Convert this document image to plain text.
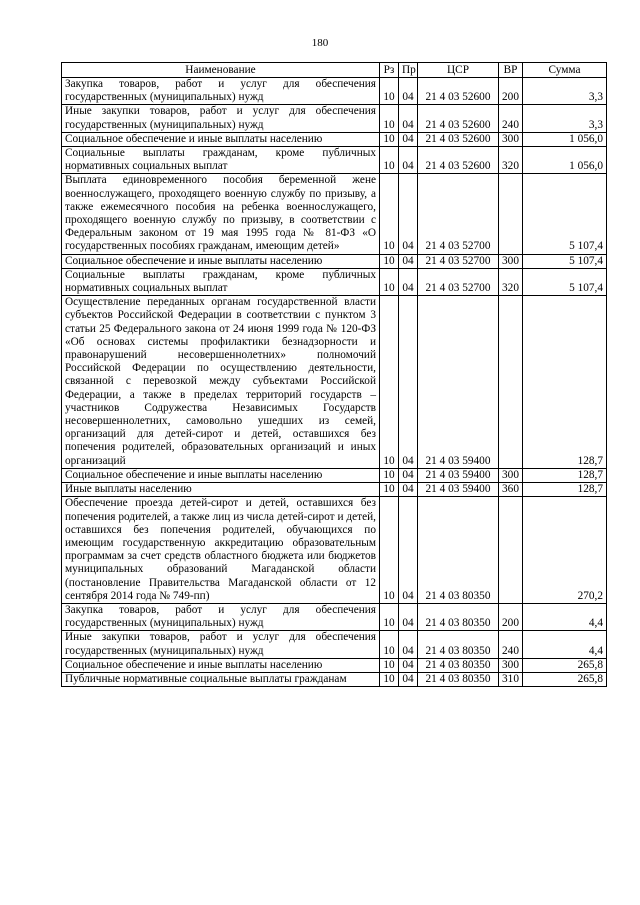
180
Наименование	Рз	Пр	ЦСР	ВР	Сумма
Закупка товаров, работ и услуг для обеспечения государственных (муниципальных) нужд	10	04	21 4 03 52600	200	3,3
Иные закупки товаров, работ и услуг для обеспечения государственных (муниципальных) нужд	10	04	21 4 03 52600	240	3,3
Социальное обеспечение и иные выплаты населению	10	04	21 4 03 52600	300	1 056,0
Социальные выплаты гражданам, кроме публичных нормативных социальных выплат	10	04	21 4 03 52600	320	1 056,0
Выплата единовременного пособия беременной жене военнослужащего, проходящего военную службу по призыву, а также ежемесячного пособия на ребенка военнослужащего, проходящего военную службу по призыву, в соответствии с Федеральным законом от 19 мая 1995 года № 81-ФЗ «О государственных пособиях гражданам, имеющим детей»	10	04	21 4 03 52700		5 107,4
Социальное обеспечение и иные выплаты населению	10	04	21 4 03 52700	300	5 107,4
Социальные выплаты гражданам, кроме публичных нормативных социальных выплат	10	04	21 4 03 52700	320	5 107,4
Осуществление переданных органам государственной власти субъектов Российской Федерации в соответствии с пунктом 3 статьи 25 Федерального закона от 24 июня 1999 года № 120-ФЗ «Об основах системы профилактики безнадзорности и правонарушений несовершеннолетних» полномочий Российской Федерации по осуществлению деятельности, связанной с перевозкой между субъектами Российской Федерации, а также в пределах территорий государств – участников Содружества Независимых Государств несовершеннолетних, самовольно ушедших из семей, организаций для детей-сирот и детей, оставшихся без попечения родителей, образовательных организаций и иных организаций	10	04	21 4 03 59400		128,7
Социальное обеспечение и иные выплаты населению	10	04	21 4 03 59400	300	128,7
Иные выплаты населению	10	04	21 4 03 59400	360	128,7
Обеспечение проезда детей-сирот и детей, оставшихся без попечения родителей, а также лиц из числа детей-сирот и детей, оставшихся без попечения родителей, обучающихся по имеющим государственную аккредитацию образовательным программам за счет средств областного бюджета или бюджетов муниципальных образований Магаданской области (постановление Правительства Магаданской области от 12 сентября 2014 года № 749-пп)	10	04	21 4 03 80350		270,2
Закупка товаров, работ и услуг для обеспечения государственных (муниципальных) нужд	10	04	21 4 03 80350	200	4,4
Иные закупки товаров, работ и услуг для обеспечения государственных (муниципальных) нужд	10	04	21 4 03 80350	240	4,4
Социальное обеспечение и иные выплаты населению	10	04	21 4 03 80350	300	265,8
Публичные нормативные социальные выплаты гражданам	10	04	21 4 03 80350	310	265,8
